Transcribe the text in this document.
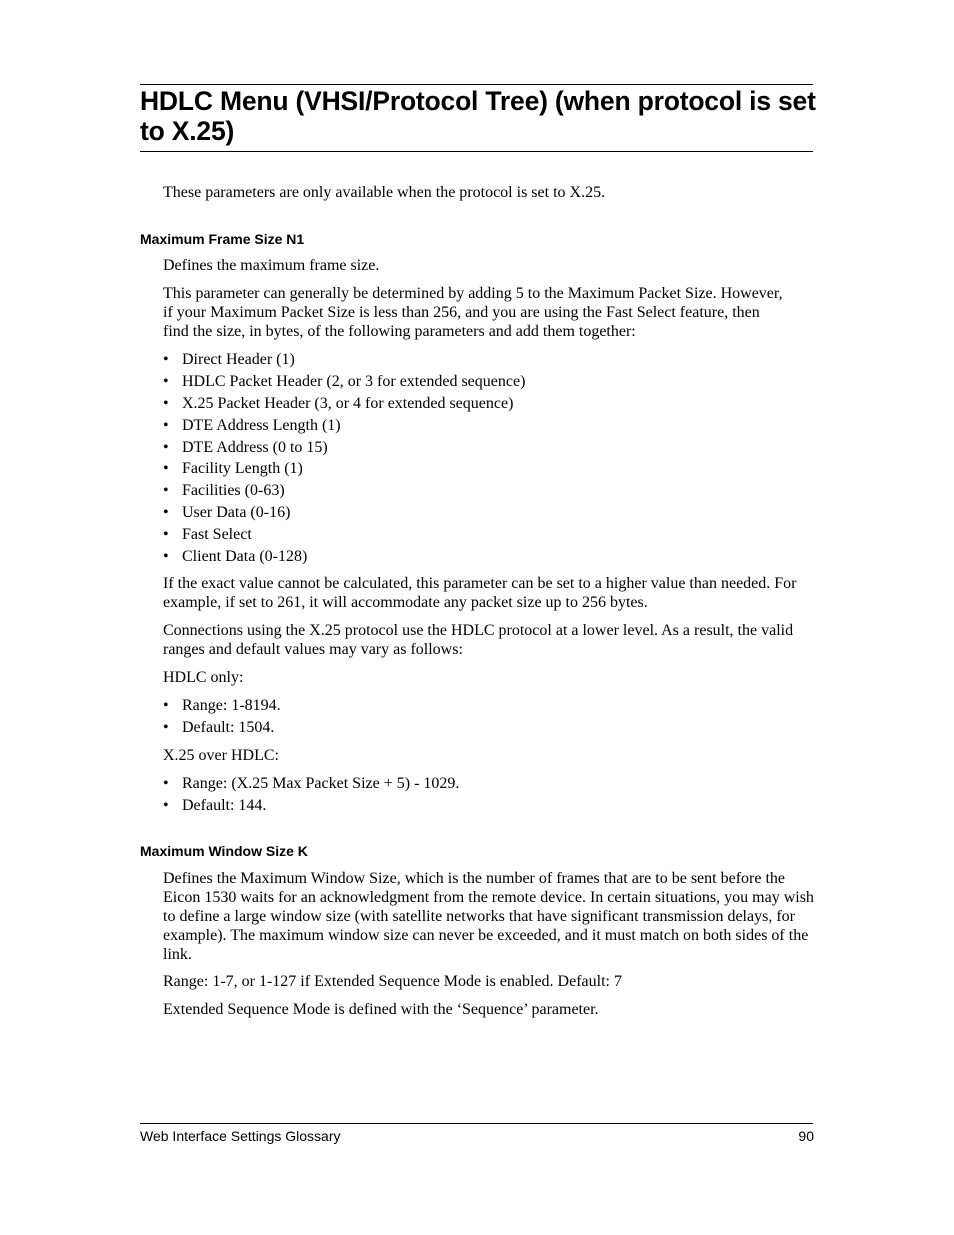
HDLC Menu (VHSI/Protocol Tree) (when protocol is set to X.25)

These parameters are only available when the protocol is set to X.25.

Maximum Frame Size N1

Defines the maximum frame size.

This parameter can generally be determined by adding 5 to the Maximum Packet Size. However, if your Maximum Packet Size is less than 256, and you are using the Fast Select feature, then find the size, in bytes, of the following parameters and add them together:

• Direct Header (1)
• HDLC Packet Header (2, or 3 for extended sequence)
• X.25 Packet Header (3, or 4 for extended sequence)
• DTE Address Length (1)
• DTE Address (0 to 15)
• Facility Length (1)
• Facilities (0-63)
• User Data (0-16)
• Fast Select
• Client Data (0-128)

If the exact value cannot be calculated, this parameter can be set to a higher value than needed. For example, if set to 261, it will accommodate any packet size up to 256 bytes.

Connections using the X.25 protocol use the HDLC protocol at a lower level. As a result, the valid ranges and default values may vary as follows:

HDLC only:

• Range: 1-8194.
• Default: 1504.

X.25 over HDLC:

• Range: (X.25 Max Packet Size + 5) - 1029.
• Default: 144.
Maximum Window Size K

Defines the Maximum Window Size, which is the number of frames that are to be sent before the Eicon 1530 waits for an acknowledgment from the remote device. In certain situations, you may wish to define a large window size (with satellite networks that have significant transmission delays, for example). The maximum window size can never be exceeded, and it must match on both sides of the link.

Range: 1-7, or 1-127 if Extended Sequence Mode is enabled. Default: 7

Extended Sequence Mode is defined with the ‘Sequence’ parameter.

Web Interface Settings Glossary	90
